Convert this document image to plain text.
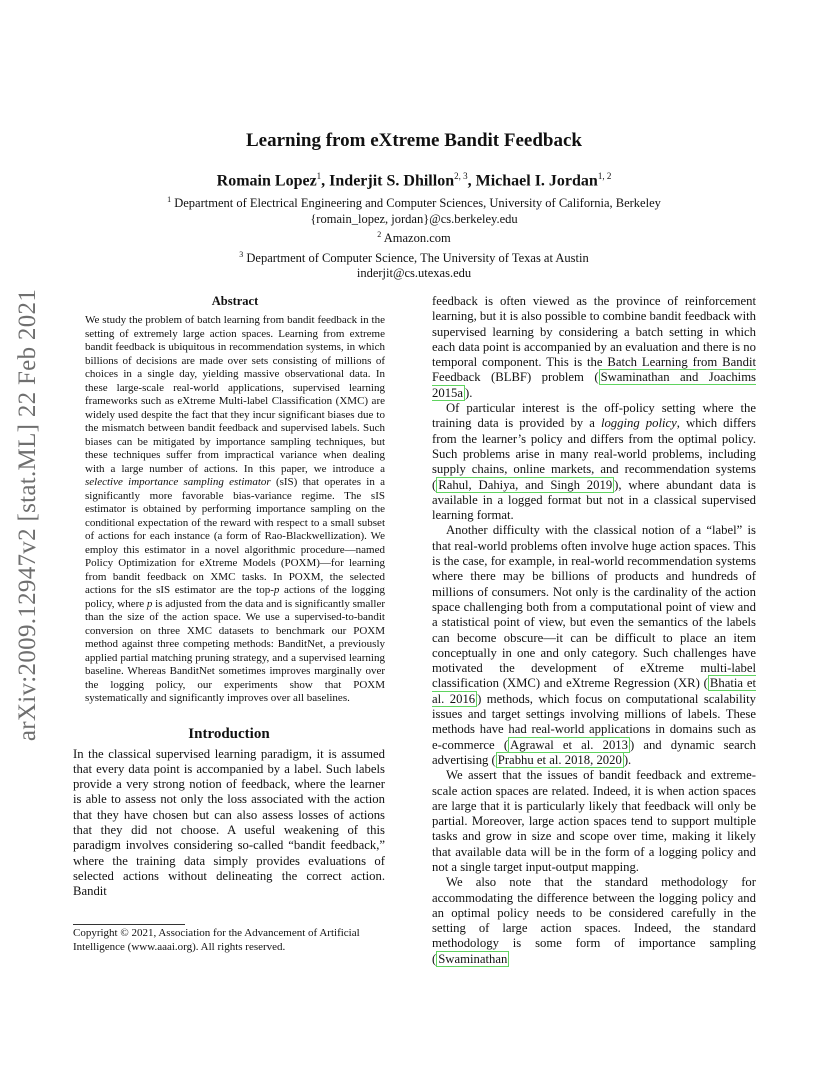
arXiv:2009.12947v2 [stat.ML] 22 Feb 2021
Learning from eXtreme Bandit Feedback
Romain Lopez$^1$, Inderjit S. Dhillon$^{2, 3}$, Michael I. Jordan$^{1, 2}$
$^1$ Department of Electrical Engineering and Computer Sciences, University of California, Berkeley
{romain_lopez, jordan}@cs.berkeley.edu
$^2$ Amazon.com
$^3$ Department of Computer Science, The University of Texas at Austin
inderjit@cs.utexas.edu
Abstract

We study the problem of batch learning from bandit feedback in the setting of extremely large action spaces. Learning from extreme bandit feedback is ubiquitous in recommendation systems, in which billions of decisions are made over sets consisting of millions of choices in a single day, yielding massive observational data. In these large-scale real-world applications, supervised learning frameworks such as eXtreme Multi-label Classification (XMC) are widely used despite the fact that they incur significant biases due to the mismatch between bandit feedback and supervised labels. Such biases can be mitigated by importance sampling techniques, but these techniques suffer from impractical variance when dealing with a large number of actions. In this paper, we introduce a selective importance sampling estimator (sIS) that operates in a significantly more favorable bias-variance regime. The sIS estimator is obtained by performing importance sampling on the conditional expectation of the reward with respect to a small subset of actions for each instance (a form of Rao-Blackwellization). We employ this estimator in a novel algorithmic procedure—named Policy Optimization for eXtreme Models (POXM)—for learning from bandit feedback on XMC tasks. In POXM, the selected actions for the sIS estimator are the top-p actions of the logging policy, where p is adjusted from the data and is significantly smaller than the size of the action space. We use a supervised-to-bandit conversion on three XMC datasets to benchmark our POXM method against three competing methods: BanditNet, a previously applied partial matching pruning strategy, and a supervised learning baseline. Whereas BanditNet sometimes improves marginally over the logging policy, our experiments show that POXM systematically and significantly improves over all baselines.

Introduction

In the classical supervised learning paradigm, it is assumed that every data point is accompanied by a label. Such labels provide a very strong notion of feedback, where the learner is able to assess not only the loss associated with the action that they have chosen but can also assess losses of actions that they did not choose. A useful weakening of this paradigm involves considering so-called “bandit feedback,” where the training data simply provides evaluations of selected actions without delineating the correct action. Bandit

Copyright © 2021, Association for the Advancement of Artificial Intelligence (www.aaai.org). All rights reserved.

feedback is often viewed as the province of reinforcement learning, but it is also possible to combine bandit feedback with supervised learning by considering a batch setting in which each data point is accompanied by an evaluation and there is no temporal component. This is the Batch Learning from Bandit Feedback (BLBF) problem ( Swaminathan and Joachims 2015a ).

Of particular interest is the off-policy setting where the training data is provided by a logging policy, which differs from the learner’s policy and differs from the optimal policy. Such problems arise in many real-world problems, including supply chains, online markets, and recommendation systems ( Rahul, Dahiya, and Singh 2019 ), where abundant data is available in a logged format but not in a classical supervised learning format.

Another difficulty with the classical notion of a “label” is that real-world problems often involve huge action spaces. This is the case, for example, in real-world recommendation systems where there may be billions of products and hundreds of millions of consumers. Not only is the cardinality of the action space challenging both from a computational point of view and a statistical point of view, but even the semantics of the labels can become obscure—it can be difficult to place an item conceptually in one and only category. Such challenges have motivated the development of eXtreme multi-label classification (XMC) and eXtreme Regression (XR) ( Bhatia et al. 2016 ) methods, which focus on computational scalability issues and target settings involving millions of labels. These methods have had real-world applications in domains such as e-commerce ( Agrawal et al. 2013 ) and dynamic search advertising ( Prabhu et al. 2018, 2020 ).

We assert that the issues of bandit feedback and extreme-scale action spaces are related. Indeed, it is when action spaces are large that it is particularly likely that feedback will only be partial. Moreover, large action spaces tend to support multiple tasks and grow in size and scope over time, making it likely that available data will be in the form of a logging policy and not a single target input-output mapping.

We also note that the standard methodology for accommodating the difference between the logging policy and an optimal policy needs to be considered carefully in the setting of large action spaces. Indeed, the standard methodology is some form of importance sampling ( Swaminathan
